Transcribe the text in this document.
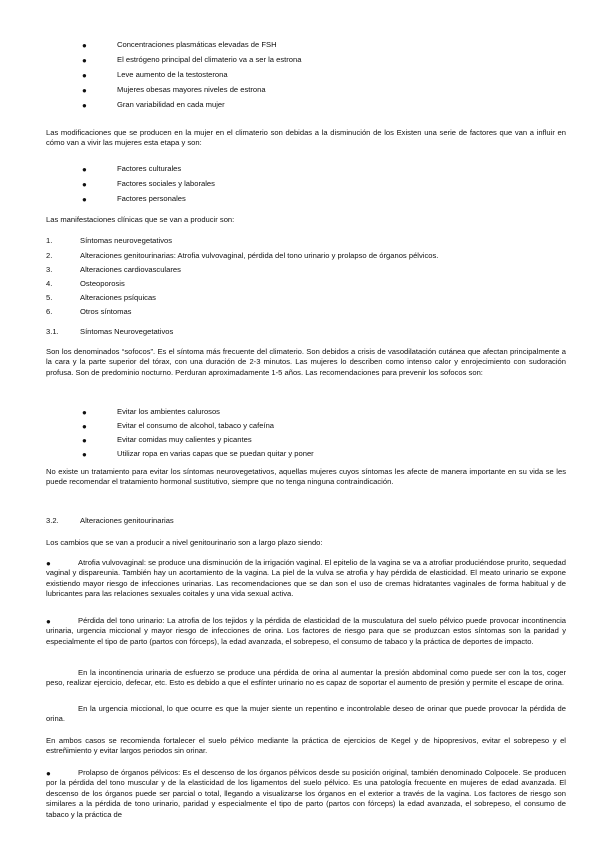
●	Concentraciones plasmáticas elevadas de FSH
●	El estrógeno principal del climaterio va a ser la estrona
●	Leve aumento de la testosterona
●	Mujeres obesas mayores niveles de estrona
●	Gran variabilidad en cada mujer

Las modificaciones que se producen en la mujer en el climaterio son debidas a la disminución de los Existen una serie de factores que van a influir en cómo van a vivir las mujeres esta etapa y son:

●	Factores culturales
●	Factores sociales y laborales
●	Factores personales

Las manifestaciones clínicas que se van a producir son:

1.	Síntomas neurovegetativos
2.	Alteraciones genitourinarias: Atrofia vulvovaginal, pérdida del tono urinario y prolapso de órganos pélvicos.
3.	Alteraciones cardiovasculares
4.	Osteoporosis
5.	Alteraciones psíquicas
6.	Otros síntomas
3.1.	Síntomas Neurovegetativos

Son los denominados “sofocos”. Es el síntoma más frecuente del climaterio. Son debidos a crisis de vasodilatación cutánea que afectan principalmente a la cara y la parte superior del tórax, con una duración de 2-3 minutos. Las mujeres lo describen como intenso calor y enrojecimiento con sudoración profusa. Son de predominio nocturno. Perduran aproximadamente 1-5 años. Las recomendaciones para prevenir los sofocos son:

●	Evitar los ambientes calurosos
●	Evitar el consumo de alcohol, tabaco y cafeína
●	Evitar comidas muy calientes y picantes
●	Utilizar ropa en varias capas que se puedan quitar y poner

No existe un tratamiento para evitar los síntomas neurovegetativos, aquellas mujeres cuyos síntomas les afecte de manera importante en su vida se les puede recomendar el tratamiento hormonal sustitutivo, siempre que no tenga ninguna contraindicación.

3.2.	Alteraciones genitourinarias

Los cambios que se van a producir a nivel genitourinario son a largo plazo siendo:

●	Atrofia vulvovaginal: se produce una disminución de la irrigación vaginal. El epitelio de la vagina se va a atrofiar produciéndose prurito, sequedad vaginal y dispareunia. También hay un acortamiento de la vagina. La piel de la vulva se atrofia y hay pérdida de elasticidad. El meato urinario se expone existiendo mayor riesgo de infecciones urinarias. Las recomendaciones que se dan son el uso de cremas hidratantes vaginales de forma habitual y de lubricantes para las relaciones sexuales coitales y una vida sexual activa.

●	Pérdida del tono urinario: La atrofia de los tejidos y la pérdida de elasticidad de la musculatura del suelo pélvico puede provocar incontinencia urinaria, urgencia miccional y mayor riesgo de infecciones de orina. Los factores de riesgo para que se produzcan estos síntomas son la paridad y especialmente el tipo de parto (partos con fórceps), la edad avanzada, el sobrepeso, el consumo de tabaco y la práctica de deportes de impacto.

En la incontinencia urinaria de esfuerzo se produce una pérdida de orina al aumentar la presión abdominal como puede ser con la tos, coger peso, realizar ejercicio, defecar, etc. Esto es debido a que el esfínter urinario no es capaz de soportar el aumento de presión y permite el escape de orina.

En la urgencia miccional, lo que ocurre es que la mujer siente un repentino e incontrolable deseo de orinar que puede provocar la pérdida de orina.

En ambos casos se recomienda fortalecer el suelo pélvico mediante la práctica de ejercicios de Kegel y de hipopresivos, evitar el sobrepeso y el estreñimiento y evitar largos periodos sin orinar.

●	Prolapso de órganos pélvicos: Es el descenso de los órganos pélvicos desde su posición original, también denominado Colpocele. Se producen por la pérdida del tono muscular y de la elasticidad de los ligamentos del suelo pélvico. Es una patología frecuente en mujeres de edad avanzada. El descenso de los órganos puede ser parcial o total, llegando a visualizarse los órganos en el exterior a través de la vagina. Los factores de riesgo son similares a la pérdida de tono urinario, paridad y especialmente el tipo de parto (partos con fórceps) la edad avanzada, el sobrepeso, el consumo de tabaco y la práctica de
